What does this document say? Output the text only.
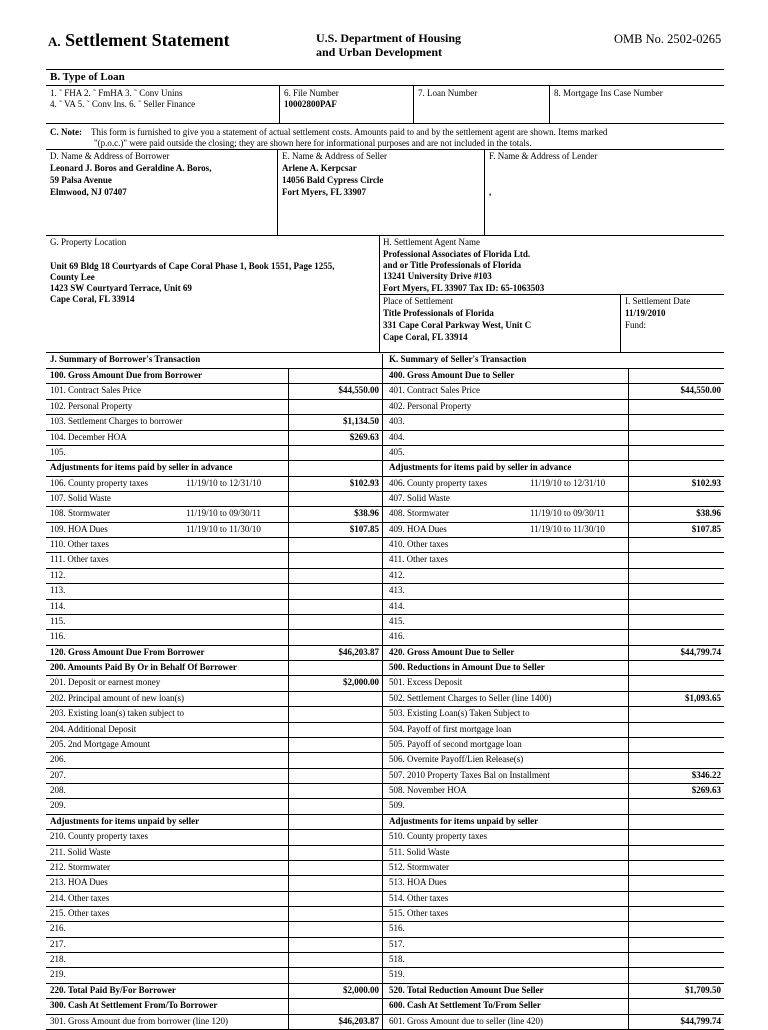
A. Settlement Statement	U.S. Department of Housing
and Urban Development
OMB No. 2502-0265
B. Type of Loan
1. ˜ FHA 2. ˜ FmHA 3. ˜ Conv Unins
4. ˜ VA 5. ˜ Conv Ins. 6. ˜ Seller Finance
6. File Number
10002800PAF
7. Loan Number	8. Mortgage Ins Case Number
C. Note: This form is furnished to give you a statement of actual settlement costs. Amounts paid to and by the settlement agent are shown. Items marked
"(p.o.c.)" were paid outside the closing; they are shown here for informational purposes and are not included in the totals.
D. Name & Address of Borrower
Leonard J. Boros and Geraldine A. Boros,
59 Palsa Avenue
Elmwood, NJ 07407
E. Name & Address of Seller
Arlene A. Kerpcsar
14056 Bald Cypress Circle
Fort Myers, FL 33907
F. Name & Address of Lender
,
G. Property Location
Unit 69 Bldg 18 Courtyards of Cape Coral Phase 1, Book 1551, Page 1255,
County Lee
1423 SW Courtyard Terrace, Unit 69
Cape Coral, FL 33914
H. Settlement Agent Name
Professional Associates of Florida Ltd.
and or Title Professionals of Florida
13241 University Drive #103
Fort Myers, FL 33907 Tax ID: 65-1063503
Place of Settlement
Title Professionals of Florida
331 Cape Coral Parkway West, Unit C
Cape Coral, FL 33914
I. Settlement Date
11/19/2010
Fund:
J. Summary of Borrower's Transaction	K. Summary of Seller's Transaction
100. Gross Amount Due from Borrower	400. Gross Amount Due to Seller
101. Contract Sales Price	$44,550.00 401. Contract Sales Price	$44,550.00
102. Personal Property	402. Personal Property
103. Settlement Charges to borrower	$1,134.50 403.
104. December HOA	$269.63 404.
105.	405.
Adjustments for items paid by seller in advance	Adjustments for items paid by seller in advance
106. County property taxes	11/19/10 to 12/31/10	$102.93 406. County property taxes	11/19/10 to 12/31/10	$102.93
107. Solid Waste	407. Solid Waste
108. Stormwater	11/19/10 to 09/30/11	$38.96 408. Stormwater	11/19/10 to 09/30/11	$38.96
109. HOA Dues	11/19/10 to 11/30/10	$107.85 409. HOA Dues	11/19/10 to 11/30/10	$107.85
110. Other taxes	410. Other taxes
111. Other taxes	411. Other taxes
112.	412.
113.	413.
114.	414.
115.	415.
116.	416.
120. Gross Amount Due From Borrower	$46,203.87 420. Gross Amount Due to Seller	$44,799.74
200. Amounts Paid By Or in Behalf Of Borrower	500. Reductions in Amount Due to Seller
201. Deposit or earnest money	$2,000.00 501. Excess Deposit
202. Principal amount of new loan(s)	502. Settlement Charges to Seller (line 1400)	$1,093.65
203. Existing loan(s) taken subject to	503. Existing Loan(s) Taken Subject to
204. Additional Deposit	504. Payoff of first mortgage loan
205. 2nd Mortgage Amount	505. Payoff of second mortgage loan
206.	506. Overnite Payoff/Lien Release(s)
207.	507. 2010 Property Taxes Bal on Installment	$346.22
208.	508. November HOA	$269.63
209.	509.
Adjustments for items unpaid by seller	Adjustments for items unpaid by seller
210. County property taxes	510. County property taxes
211. Solid Waste	511. Solid Waste
212. Stormwater	512. Stormwater
213. HOA Dues	513. HOA Dues
214. Other taxes	514. Other taxes
215. Other taxes	515. Other taxes
216.	516.
217.	517.
218.	518.
219.	519.
220. Total Paid By/For Borrower	$2,000.00 520. Total Reduction Amount Due Seller	$1,709.50
300. Cash At Settlement From/To Borrower	600. Cash At Settlement To/From Seller
301. Gross Amount due from borrower (line 120)	$46,203.87 601. Gross Amount due to seller (line 420)	$44,799.74
